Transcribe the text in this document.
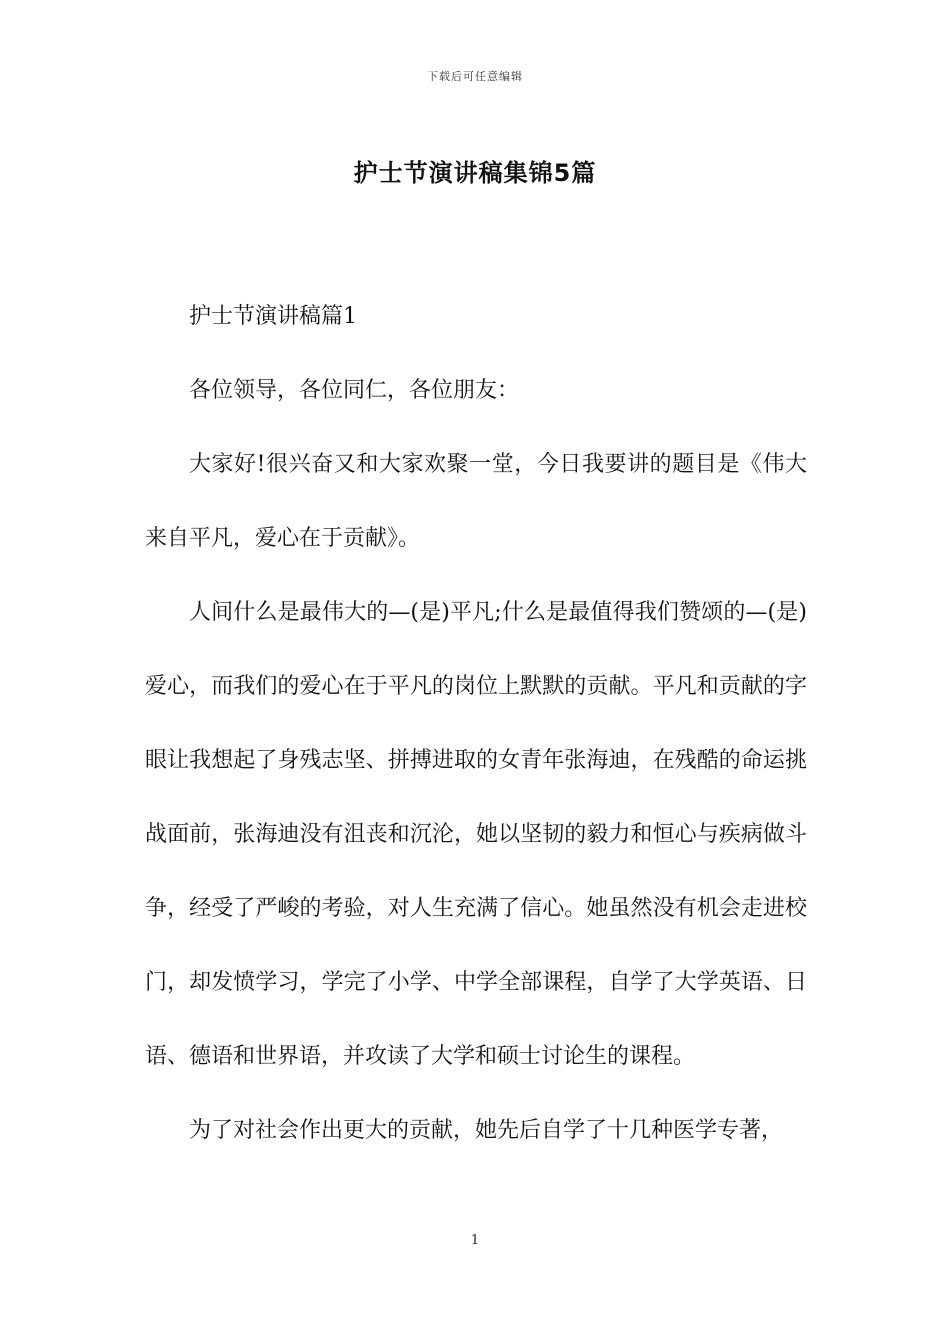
下载后可任意编辑
护士节演讲稿集锦5篇

护士节演讲稿篇1

各位领导，各位同仁，各位朋友：

大家好!很兴奋又和大家欢聚一堂，今日我要讲的题目是《伟大来自平凡，爱心在于贡献》。

人间什么是最伟大的—(是)平凡;什么是最值得我们赞颂的—(是)爱心，而我们的爱心在于平凡的岗位上默默的贡献。平凡和贡献的字眼让我想起了身残志坚、拼搏进取的女青年张海迪，在残酷的命运挑战面前，张海迪没有沮丧和沉沦，她以坚韧的毅力和恒心与疾病做斗争，经受了严峻的考验，对人生充满了信心。她虽然没有机会走进校门，却发愤学习，学完了小学、中学全部课程，自学了大学英语、日语、德语和世界语，并攻读了大学和硕士讨论生的课程。

为了对社会作出更大的贡献，她先后自学了十几种医学专著，

1
